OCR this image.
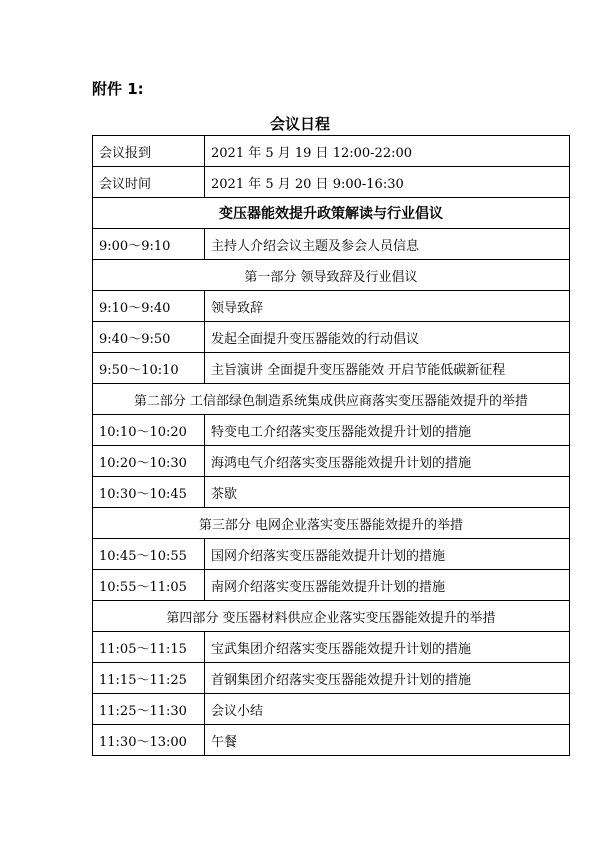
附件 1:
会议日程
会议报到	2021 年 5 月 19 日 12:00-22:00
会议时间	2021 年 5 月 20 日 9:00-16:30
变压器能效提升政策解读与行业倡议	
9:00～9:10	主持人介绍会议主题及参会人员信息
第一部分 领导致辞及行业倡议	
9:10～9:40	领导致辞
9:40～9:50	发起全面提升变压器能效的行动倡议
9:50～10:10	主旨演讲 全面提升变压器能效 开启节能低碳新征程
第二部分 工信部绿色制造系统集成供应商落实变压器能效提升的举措	
10:10～10:20	特变电工介绍落实变压器能效提升计划的措施
10:20～10:30	海鸿电气介绍落实变压器能效提升计划的措施
10:30～10:45	茶歇
第三部分 电网企业落实变压器能效提升的举措	
10:45～10:55	国网介绍落实变压器能效提升计划的措施
10:55～11:05	南网介绍落实变压器能效提升计划的措施
第四部分 变压器材料供应企业落实变压器能效提升的举措	
11:05～11:15	宝武集团介绍落实变压器能效提升计划的措施
11:15～11:25	首钢集团介绍落实变压器能效提升计划的措施
11:25～11:30	会议小结
11:30～13:00	午餐
